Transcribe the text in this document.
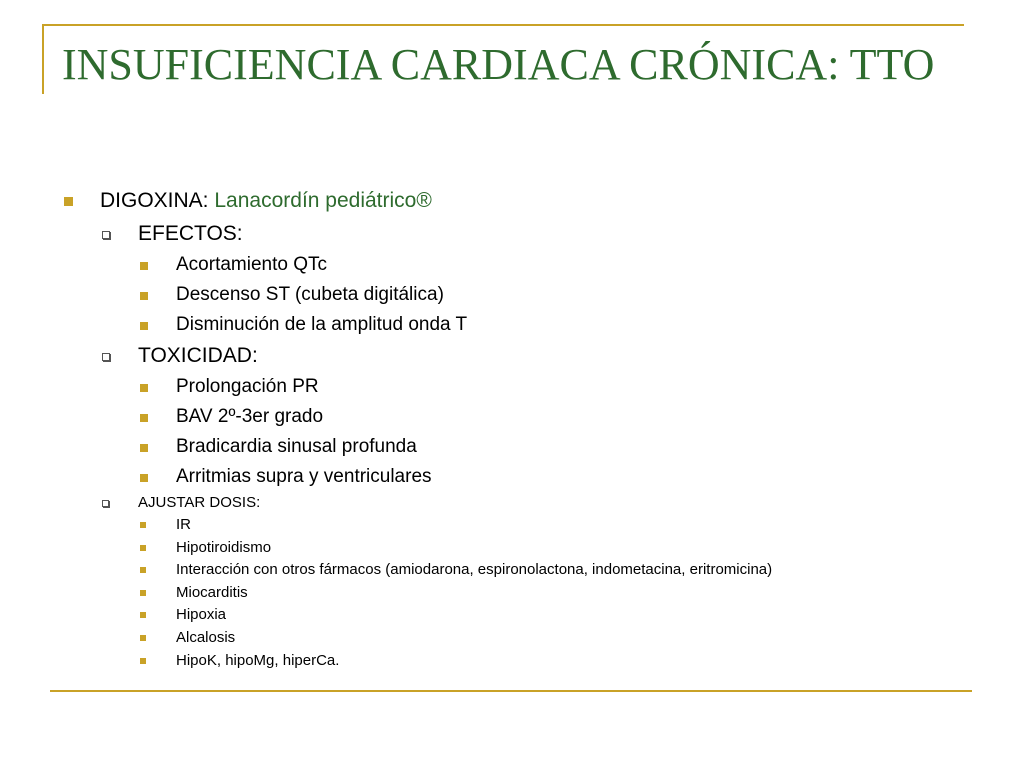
INSUFICIENCIA CARDIACA CRÓNICA: TTO
DIGOXINA: Lanacordín pediátrico®
EFECTOS:
Acortamiento QTc
Descenso ST (cubeta digitálica)
Disminución de la amplitud onda T
TOXICIDAD:
Prolongación PR
BAV 2º-3er grado
Bradicardia sinusal profunda
Arritmias supra y ventriculares
AJUSTAR DOSIS:
IR
Hipotiroidismo
Interacción con otros fármacos (amiodarona, espironolactona, indometacina, eritromicina)
Miocarditis
Hipoxia
Alcalosis
HipoK, hipoMg, hiperCa.
